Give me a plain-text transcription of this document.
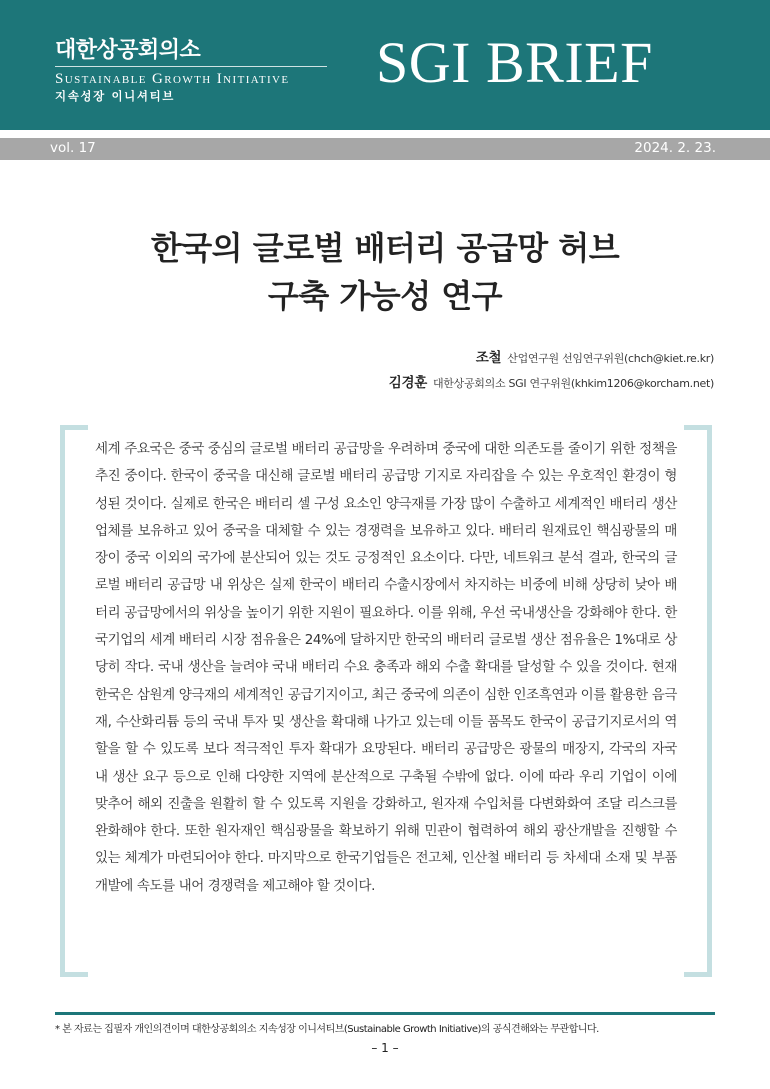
대한상공회의소
Sustainable Growth Initiative
지속성장 이니셔티브
SGI BRIEF
vol. 17	2024. 2. 23.
한국의 글로벌 배터리 공급망 허브
구축 가능성 연구
조철 산업연구원 선임연구위원(chch@kiet.re.kr)
김경훈 대한상공회의소 SGI 연구위원(khkim1206@korcham.net)

세계 주요국은 중국 중심의 글로벌 배터리 공급망을 우려하며 중국에 대한 의존도를 줄이기 위한 정책을 추진 중이다. 한국이 중국을 대신해 글로벌 배터리 공급망 기지로 자리잡을 수 있는 우호적인 환경이 형성된 것이다. 실제로 한국은 배터리 셀 구성 요소인 양극재를 가장 많이 수출하고 세계적인 배터리 생산업체를 보유하고 있어 중국을 대체할 수 있는 경쟁력을 보유하고 있다. 배터리 원재료인 핵심광물의 매장이 중국 이외의 국가에 분산되어 있는 것도 긍정적인 요소이다. 다만, 네트워크 분석 결과, 한국의 글로벌 배터리 공급망 내 위상은 실제 한국이 배터리 수출시장에서 차지하는 비중에 비해 상당히 낮아 배터리 공급망에서의 위상을 높이기 위한 지원이 필요하다. 이를 위해, 우선 국내생산을 강화해야 한다. 한국기업의 세계 배터리 시장 점유율은 24%에 달하지만 한국의 배터리 글로벌 생산 점유율은 1%대로 상당히 작다. 국내 생산을 늘려야 국내 배터리 수요 충족과 해외 수출 확대를 달성할 수 있을 것이다. 현재 한국은 삼원계 양극재의 세계적인 공급기지이고, 최근 중국에 의존이 심한 인조흑연과 이를 활용한 음극재, 수산화리튬 등의 국내 투자 및 생산을 확대해 나가고 있는데 이들 품목도 한국이 공급기지로서의 역할을 할 수 있도록 보다 적극적인 투자 확대가 요망된다. 배터리 공급망은 광물의 매장지, 각국의 자국 내 생산 요구 등으로 인해 다양한 지역에 분산적으로 구축될 수밖에 없다. 이에 따라 우리 기업이 이에 맞추어 해외 진출을 원활히 할 수 있도록 지원을 강화하고, 원자재 수입처를 다변화화여 조달 리스크를 완화해야 한다. 또한 원자재인 핵심광물을 확보하기 위해 민관이 협력하여 해외 광산개발을 진행할 수 있는 체계가 마련되어야 한다. 마지막으로 한국기업들은 전고체, 인산철 배터리 등 차세대 소재 및 부품 개발에 속도를 내어 경쟁력을 제고해야 할 것이다.

* 본 자료는 집필자 개인의견이며 대한상공회의소 지속성장 이니셔티브(Sustainable Growth Initiative)의 공식견해와는 무관합니다.
– 1 –
